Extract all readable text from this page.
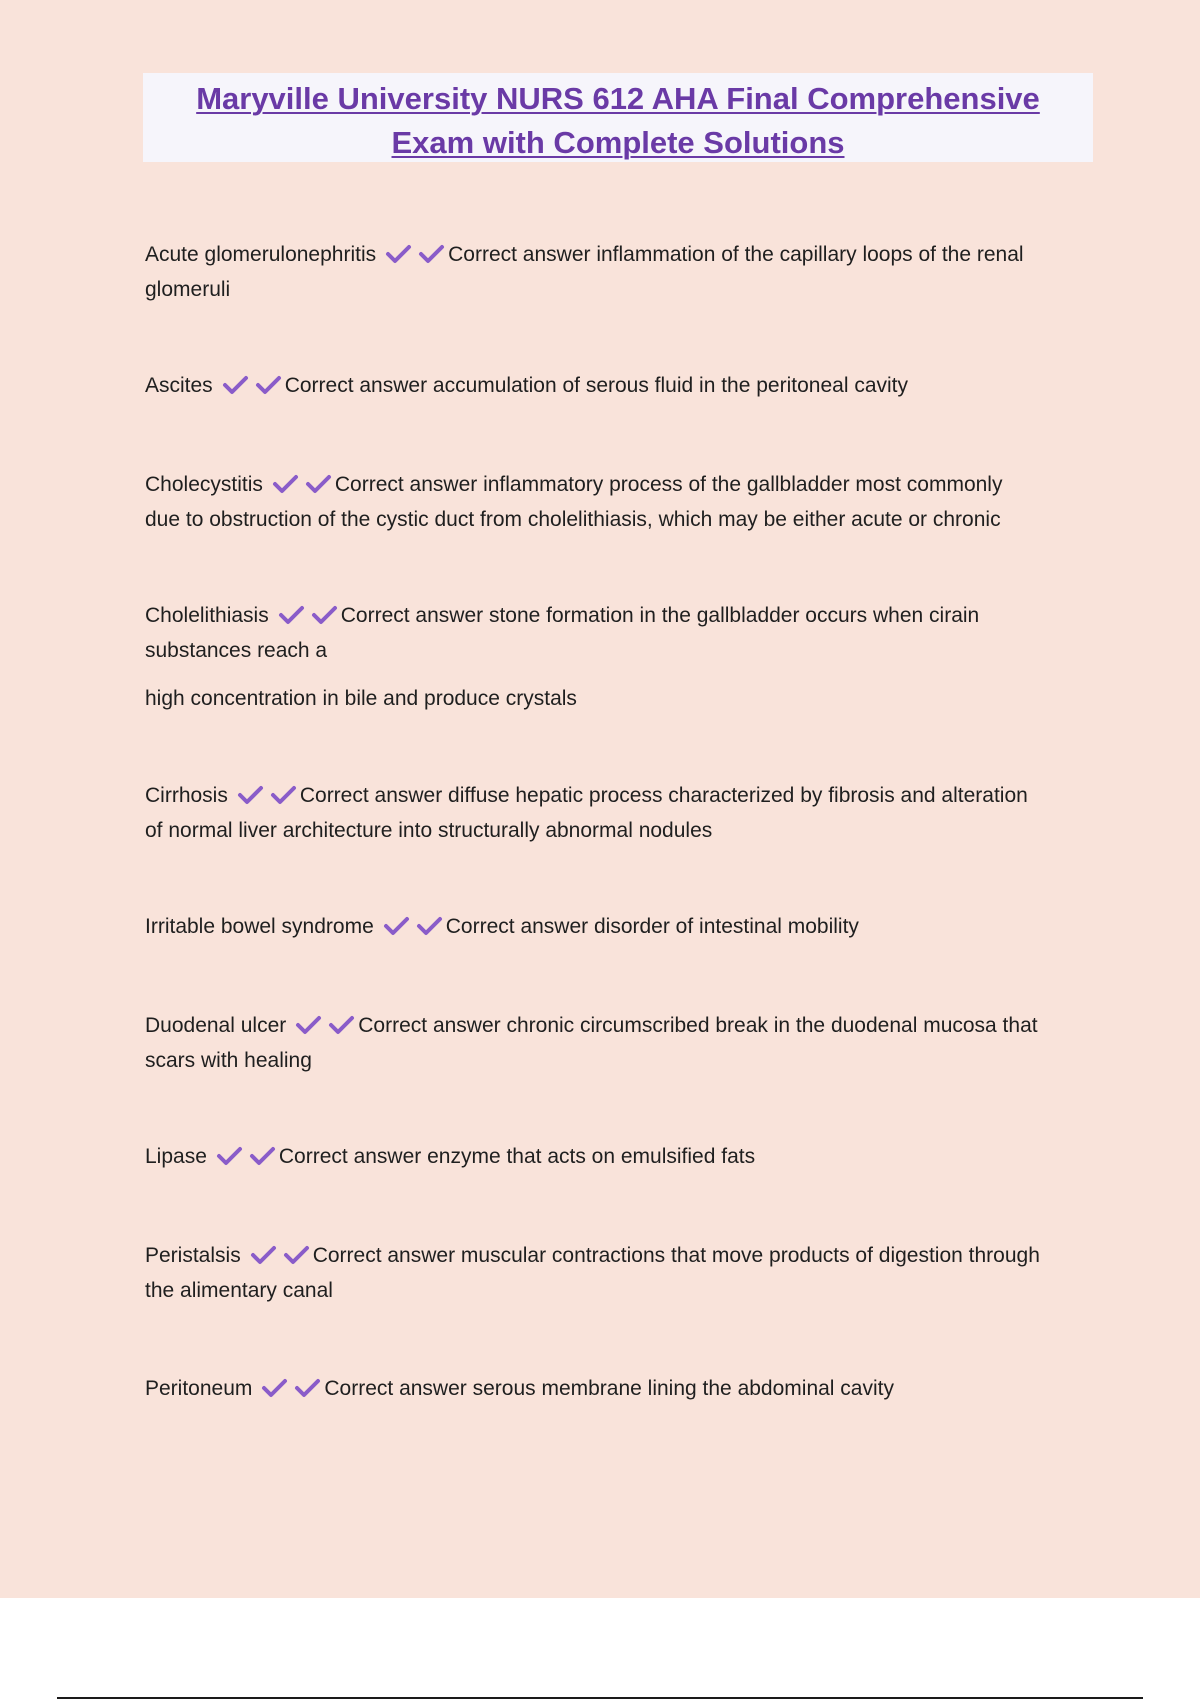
Maryville University NURS 612 AHA Final Comprehensive
Exam with Complete Solutions
Acute glomerulonephritis	Correct answer inflammation of the capillary loops of the renal
glomeruli
Ascites	Correct answer accumulation of serous fluid in the peritoneal cavity
Cholecystitis	Correct answer inflammatory process of the gallbladder most commonly
due to obstruction of the cystic duct from cholelithiasis, which may be either acute or chronic
Cholelithiasis	Correct answer stone formation in the gallbladder occurs when cirain
substances reach a
high concentration in bile and produce crystals
Cirrhosis	Correct answer diffuse hepatic process characterized by fibrosis and alteration
of normal liver architecture into structurally abnormal nodules
Irritable bowel syndrome	Correct answer disorder of intestinal mobility
Duodenal ulcer	Correct answer chronic circumscribed break in the duodenal mucosa that
scars with healing
Lipase	Correct answer enzyme that acts on emulsified fats
Peristalsis	Correct answer muscular contractions that move products of digestion through
the alimentary canal
Peritoneum	Correct answer serous membrane lining the abdominal cavity
